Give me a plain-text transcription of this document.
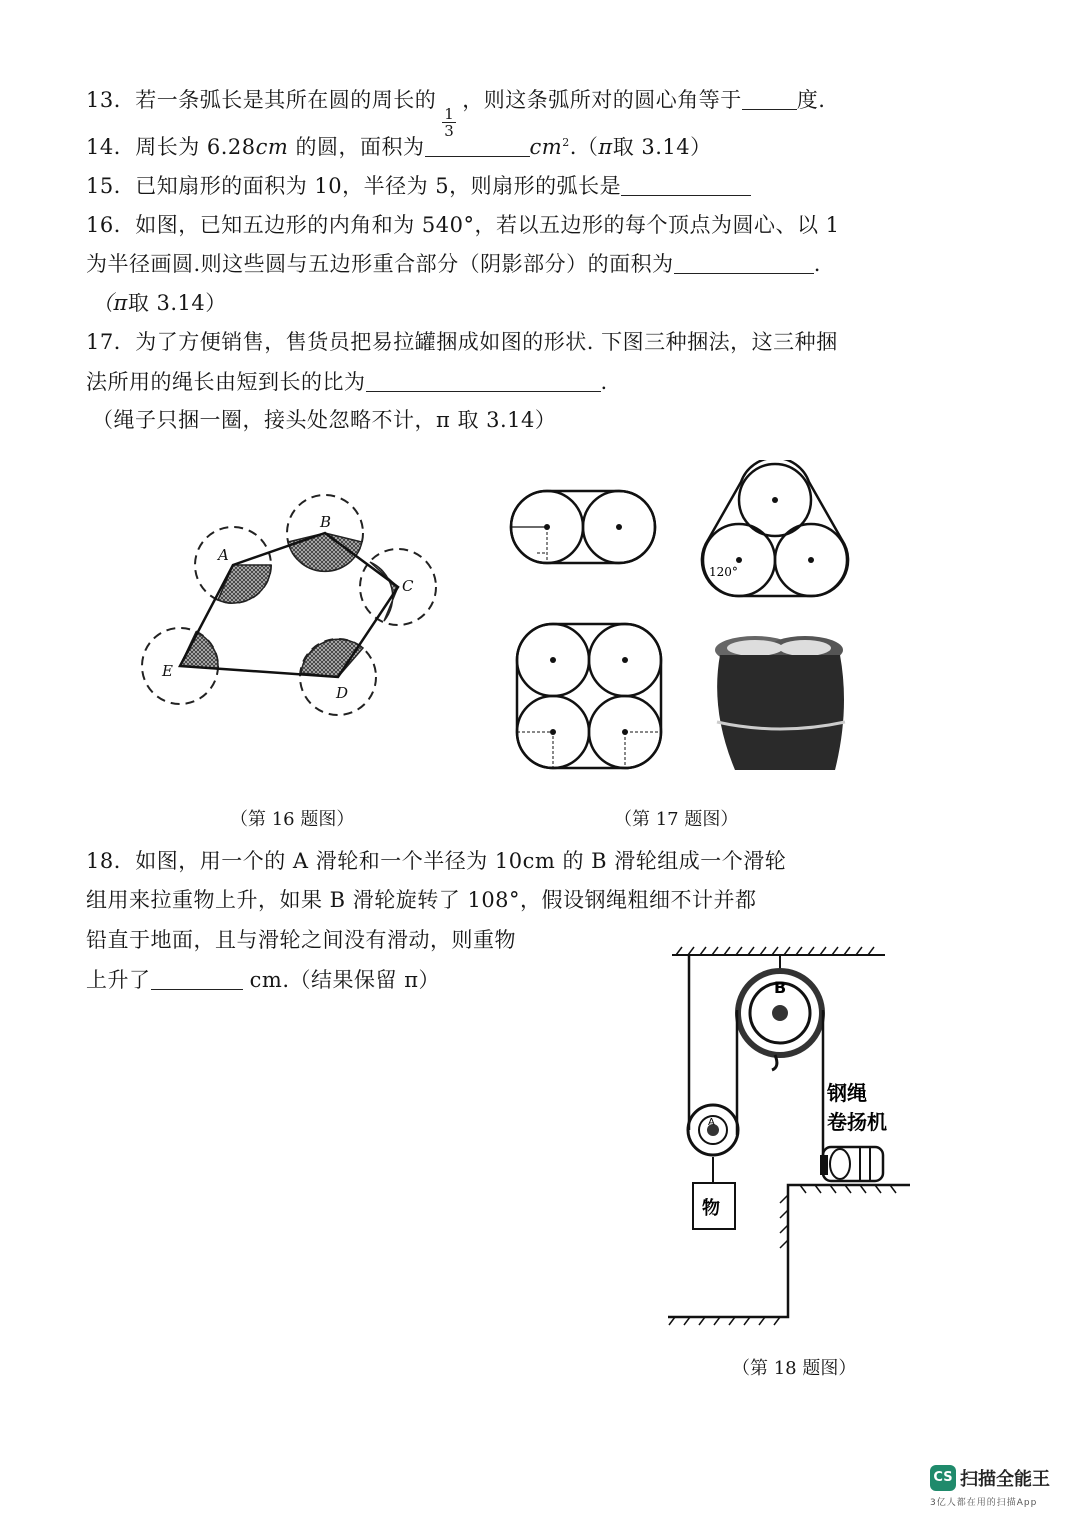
13．若一条弧长是其所在圆的周长的
$\frac{1}{3}$
，则这条弧所对的圆心角等于	度.
14．周长为 6.28cm 的圆，面积为	$cm^2.(\pi$取 3.14）
15．已知扇形的面积为 10，半径为 5，则扇形的弧长是
16．如图，已知五边形的内角和为 540°，若以五边形的每个顶点为圆心、以 1
为半径画圆.则这些圆与五边形重合部分（阴影部分）的面积为	.
（π取 3.14）
17．为了方便销售，售货员把易拉罐捆成如图的形状. 下图三种捆法，这三种捆
法所用的绳长由短到长的比为	.
（绳子只捆一圈，接头处忽略不计，π 取 3.14）
A
B
C
D
E
（第 16 题图）
120°
（第 17 题图）
18．如图，用一个的 A 滑轮和一个半径为 10cm 的 B 滑轮组成一个滑轮
组用来拉重物上升，如果 B 滑轮旋转了 108°，假设钢绳粗细不计并都
铅直于地面，且与滑轮之间没有滑动，则重物
上升了	cm.（结果保留 π）	B
A
物
钢绳
卷扬机
（第 18 题图）
CS 扫描全能王
3亿人都在用的扫描App
